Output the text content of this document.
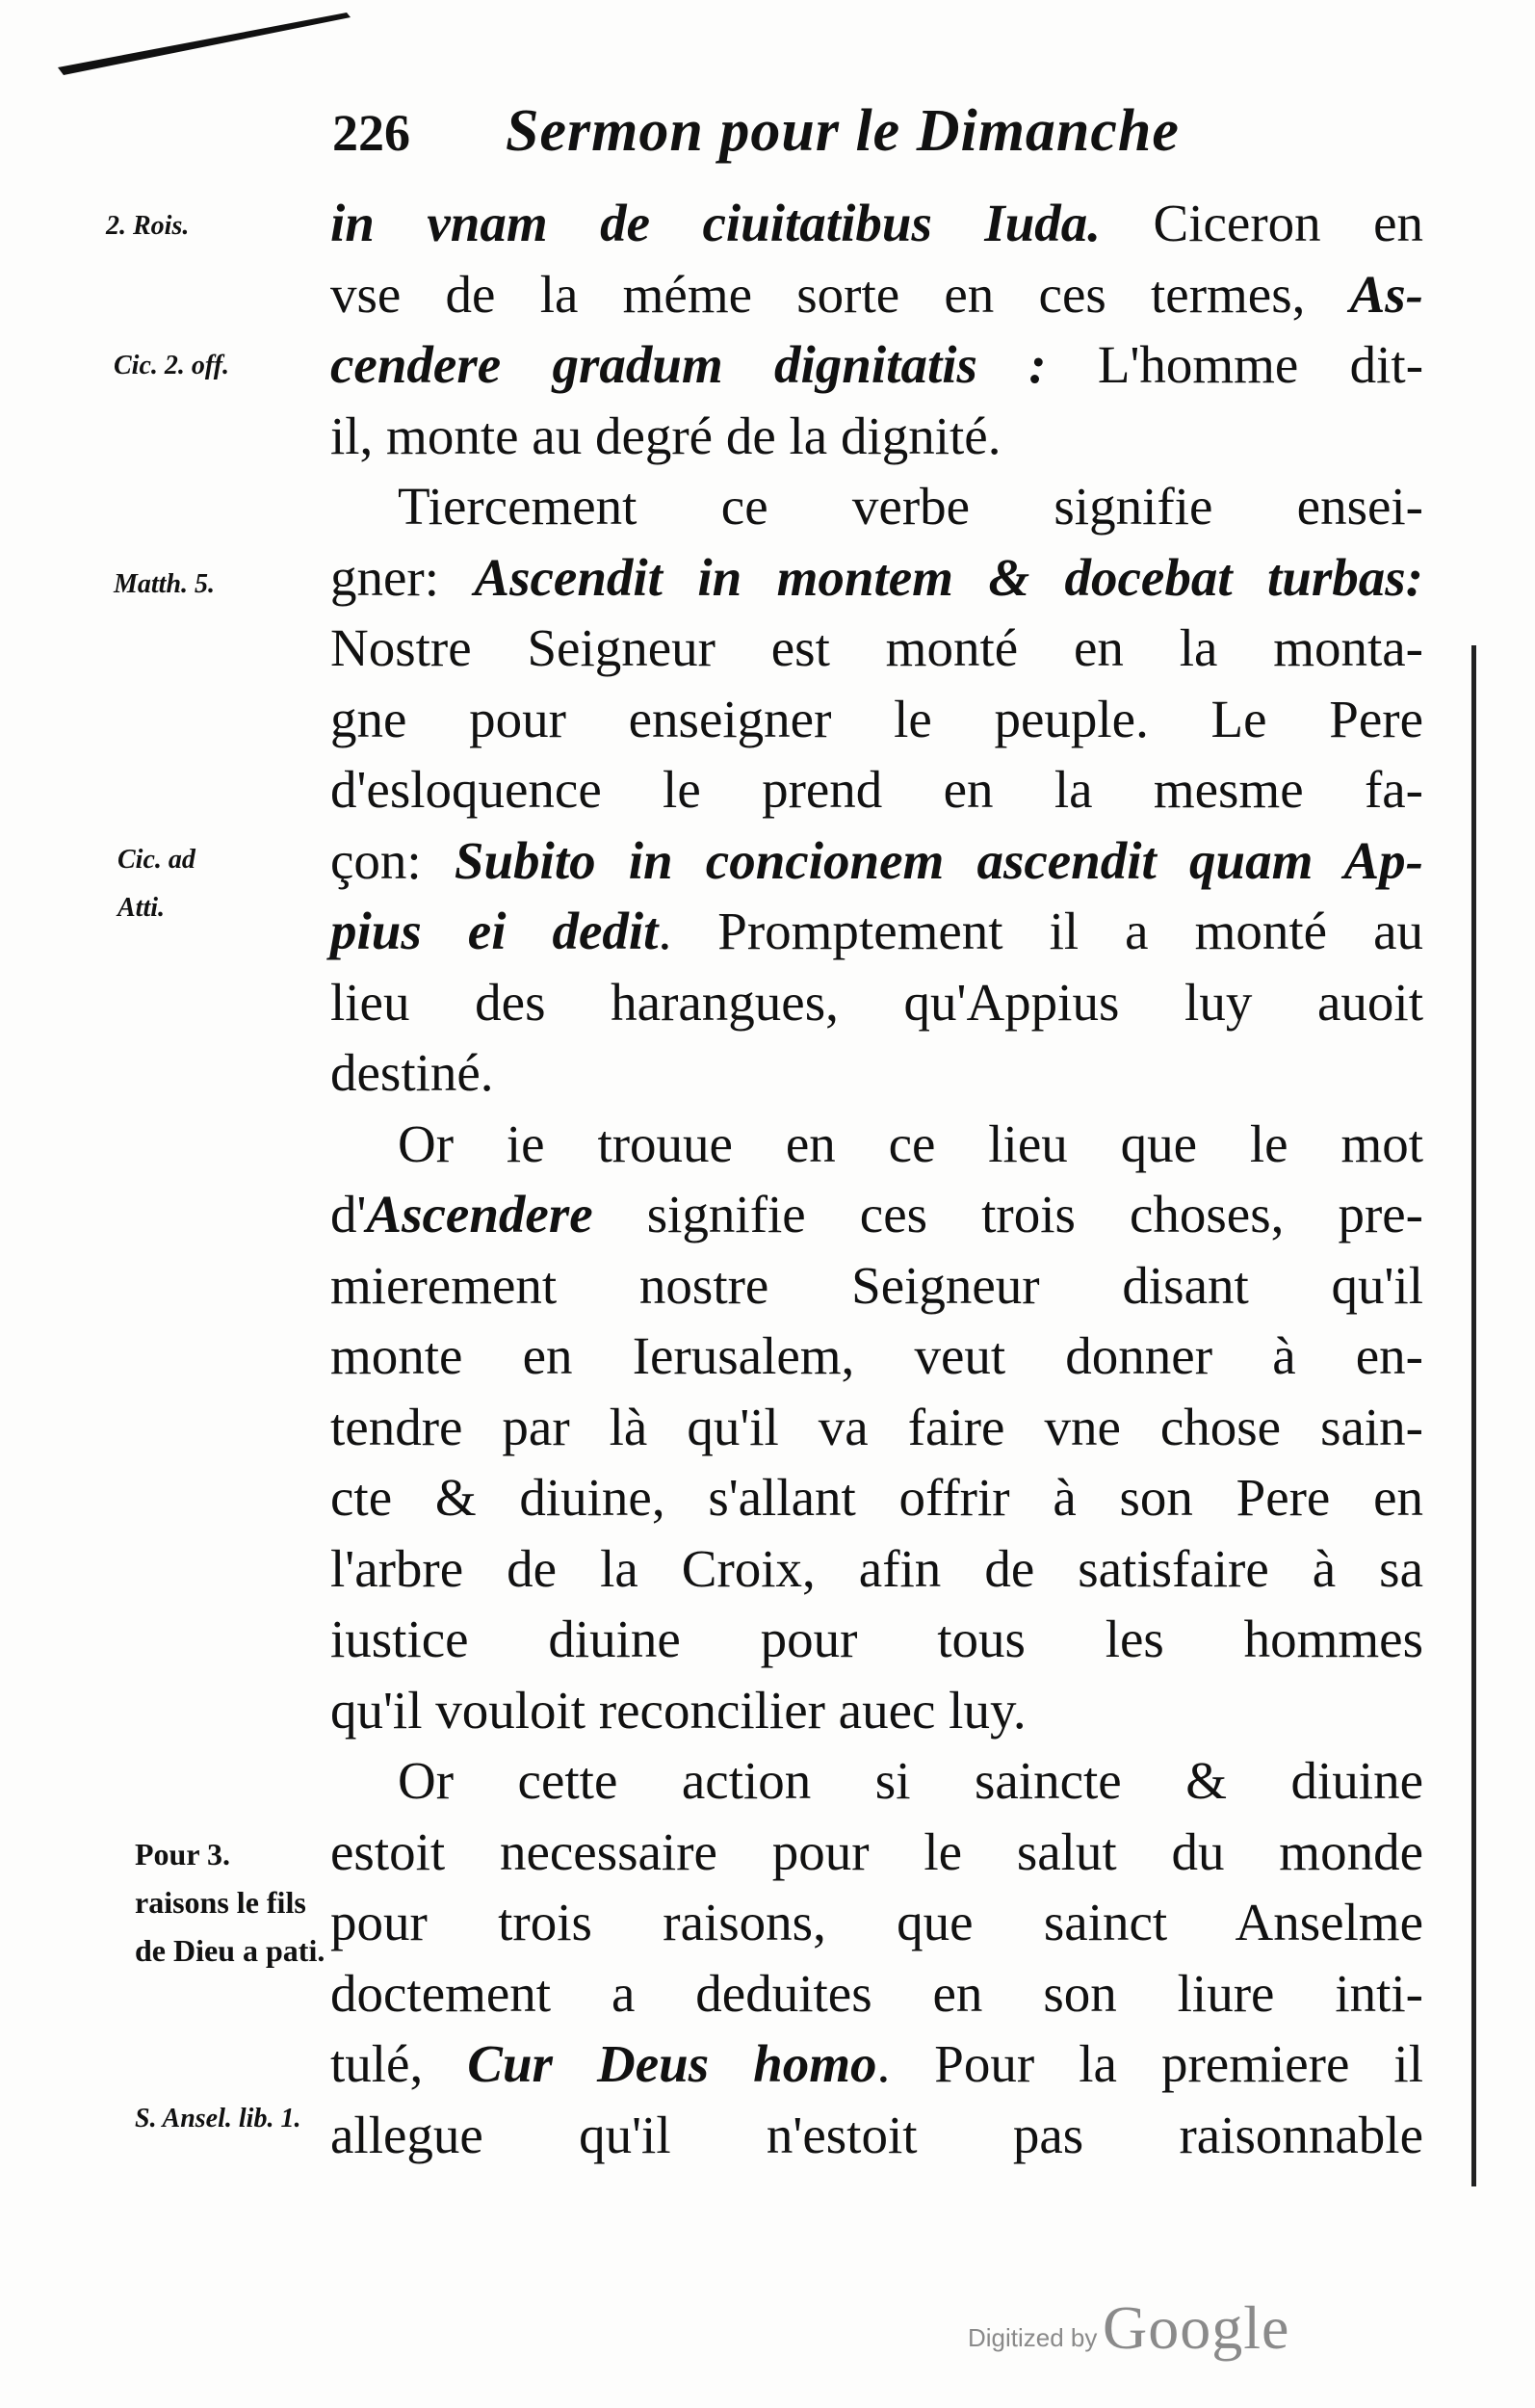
226 Sermon pour le Dimanche
2. Rois.
Cic. 2. off.
Matth. 5.
Cic. ad Atti.
Pour 3. raisons le fils de Dieu a pati.
S. Ansel. lib. 1.
in vnam de ciuitatibus Iuda. Ciceron en
vse de la méme sorte en ces termes, As-
cendere gradum dignitatis : L'homme dit-
il, monte au degré de la dignité.
Tiercement ce verbe signifie ensei-
gner: Ascendit in montem & docebat turbas:
Nostre Seigneur est monté en la monta-
gne pour enseigner le peuple. Le Pere
d'esloquence le prend en la mesme fa-
çon: Subito in concionem ascendit quam Ap-
pius ei dedit. Promptement il a monté au
lieu des harangues, qu'Appius luy auoit
destiné.
Or ie trouue en ce lieu que le mot
d'Ascendere signifie ces trois choses, pre-
mierement nostre Seigneur disant qu'il
monte en Ierusalem, veut donner à en-
tendre par là qu'il va faire vne chose sain-
cte & diuine, s'allant offrir à son Pere en
l'arbre de la Croix, afin de satisfaire à sa
iustice diuine pour tous les hommes
qu'il vouloit reconcilier auec luy.
Or cette action si saincte & diuine
estoit necessaire pour le salut du monde
pour trois raisons, que sainct Anselme
doctement a deduites en son liure inti-
tulé, Cur Deus homo. Pour la premiere il
allegue qu'il n'estoit pas raisonnable
Digitized by Google
